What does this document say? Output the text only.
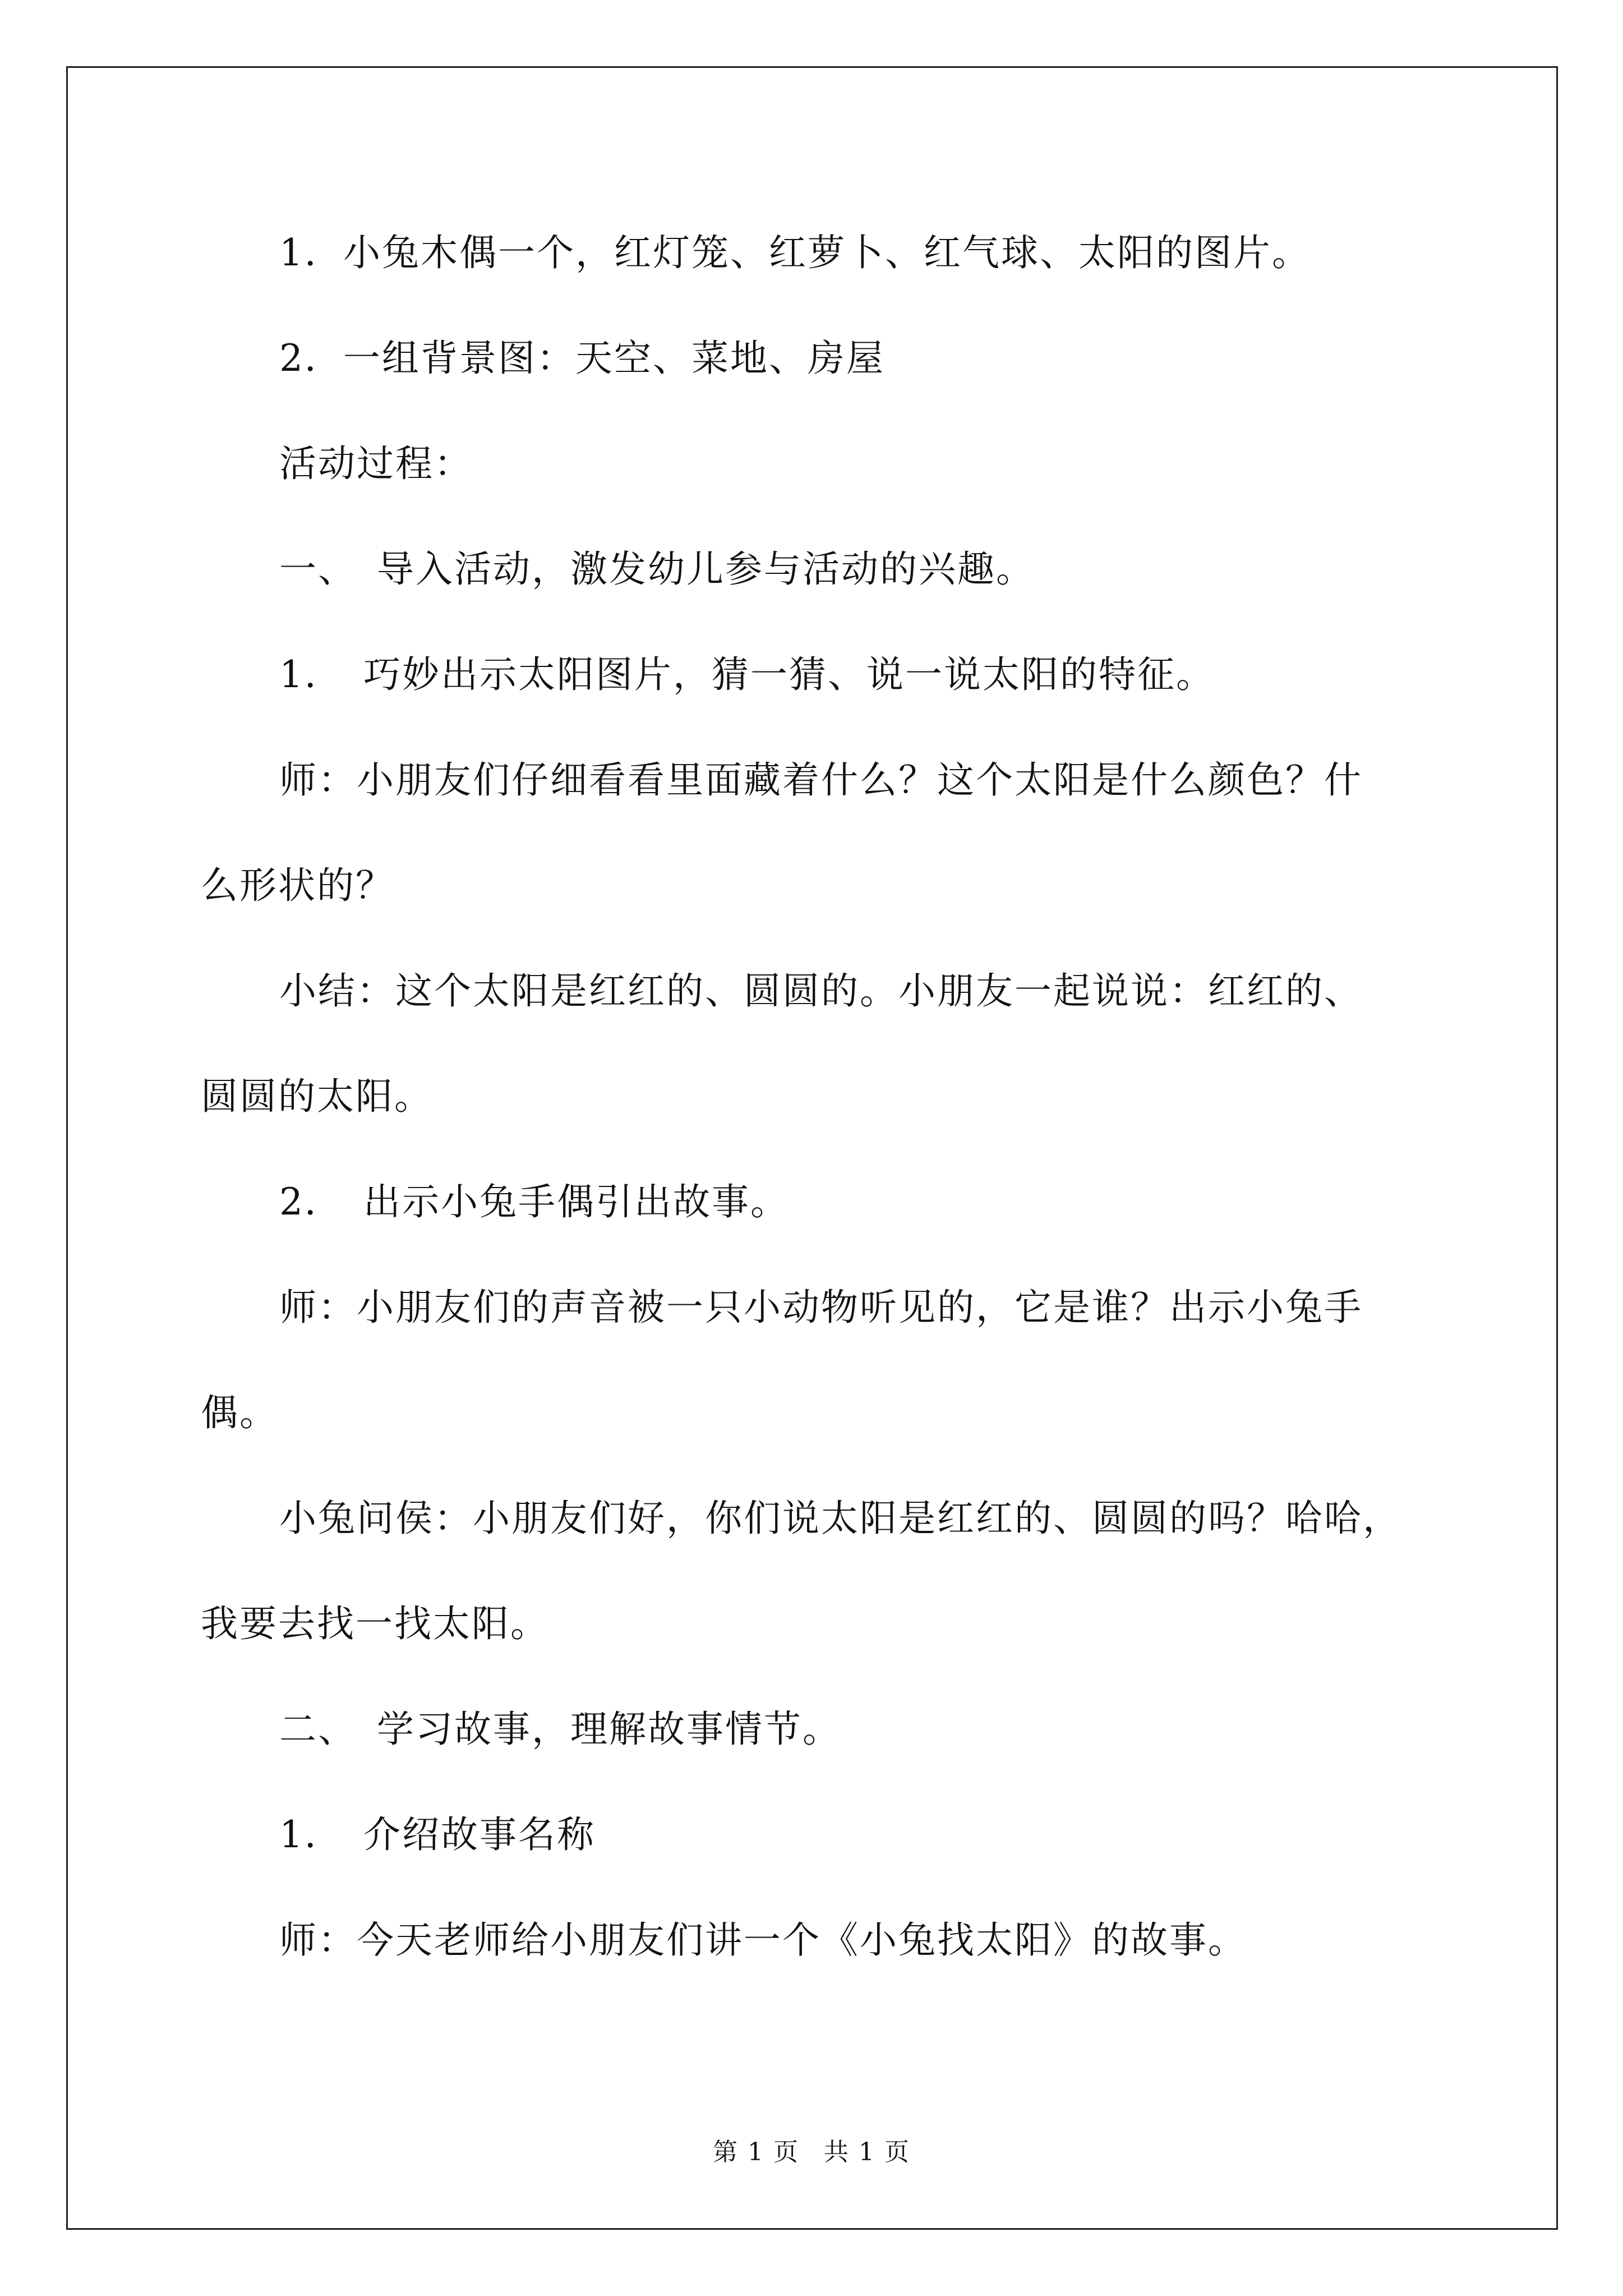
1．小兔木偶一个，红灯笼、红萝卜、红气球、太阳的图片。
2．一组背景图：天空、菜地、房屋
活动过程：
一、　导入活动，激发幼儿参与活动的兴趣。
1．　巧妙出示太阳图片，猜一猜、说一说太阳的特征。
师：小朋友们仔细看看里面藏着什么？这个太阳是什么颜色？什
么形状的？
小结：这个太阳是红红的、圆圆的。小朋友一起说说：红红的、
圆圆的太阳。
2．　出示小兔手偶引出故事。
师：小朋友们的声音被一只小动物听见的，它是谁？出示小兔手
偶。
小兔问侯：小朋友们好，你们说太阳是红红的、圆圆的吗？哈哈，
我要去找一找太阳。
二、　学习故事，理解故事情节。
1．　介绍故事名称
师：今天老师给小朋友们讲一个《小兔找太阳》的故事。
第 1 页 共 1 页
